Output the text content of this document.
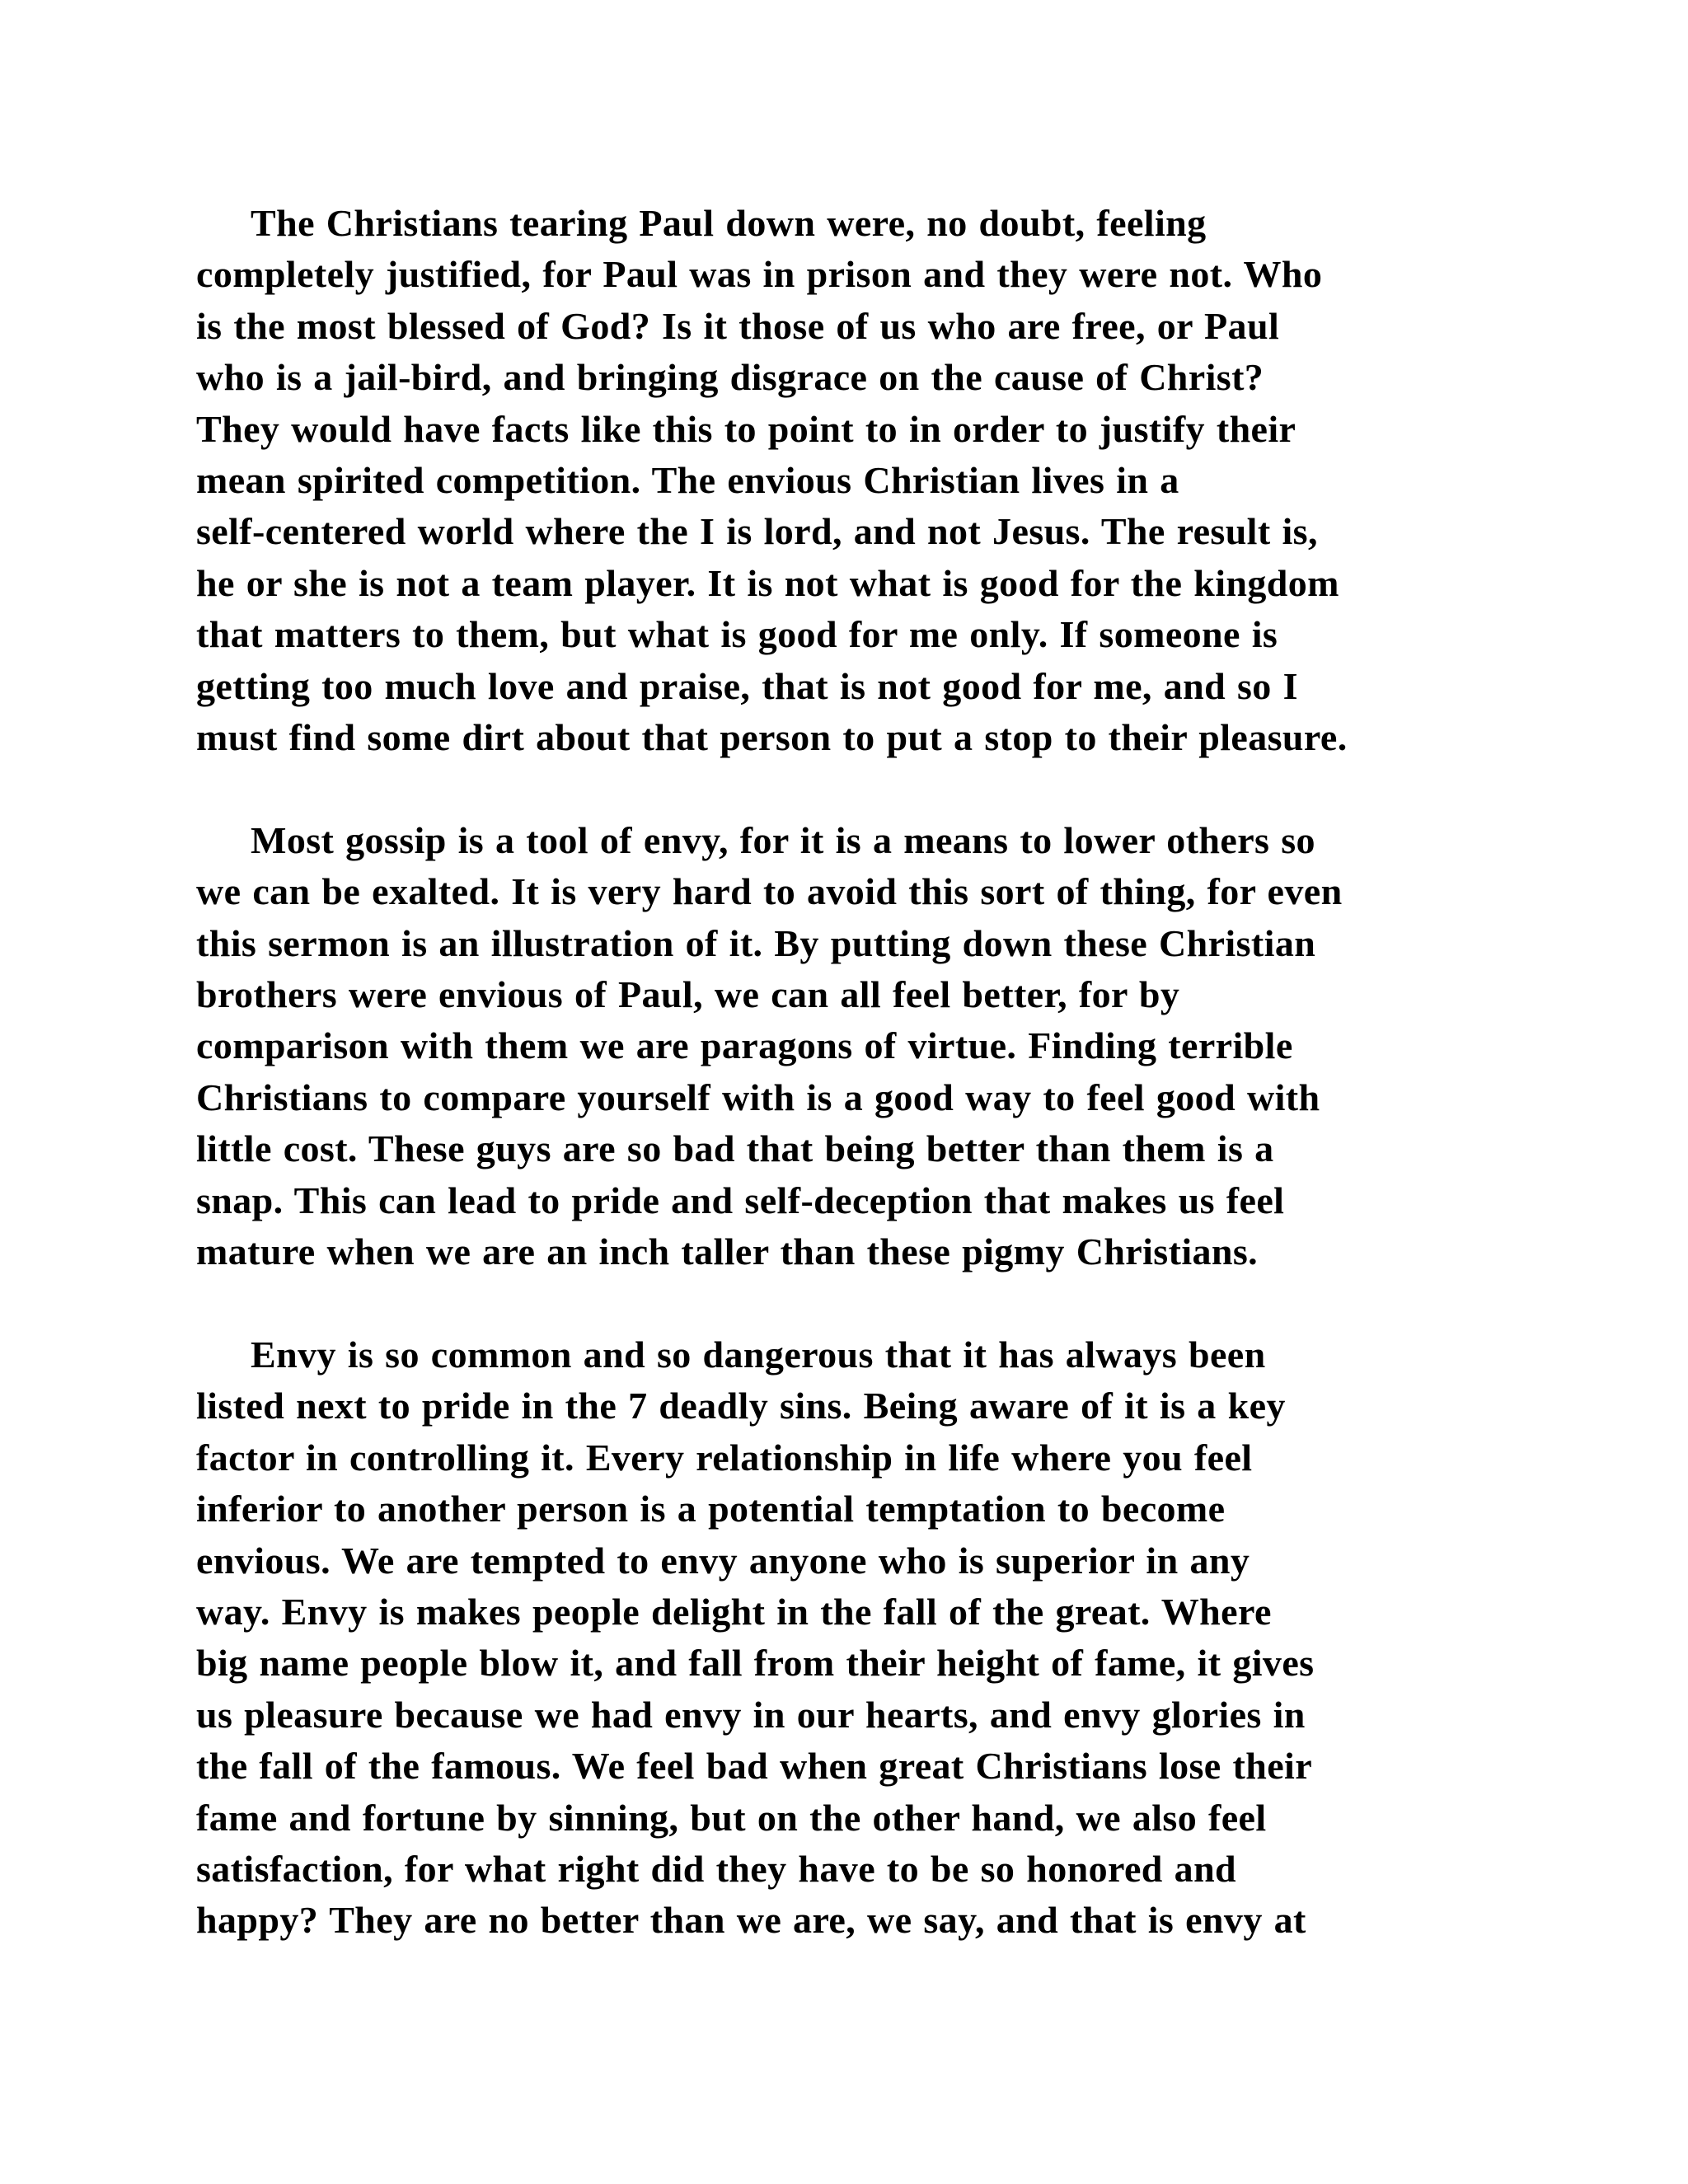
The Christians tearing Paul down were, no doubt, feeling
completely justified, for Paul was in prison and they were not. Who
is the most blessed of God? Is it those of us who are free, or Paul
who is a jail-bird, and bringing disgrace on the cause of Christ?
They would have facts like this to point to in order to justify their
mean spirited competition. The envious Christian lives in a
self-centered world where the I is lord, and not Jesus. The result is,
he or she is not a team player. It is not what is good for the kingdom
that matters to them, but what is good for me only. If someone is
getting too much love and praise, that is not good for me, and so I
must find some dirt about that person to put a stop to their pleasure.

Most gossip is a tool of envy, for it is a means to lower others so
we can be exalted. It is very hard to avoid this sort of thing, for even
this sermon is an illustration of it. By putting down these Christian
brothers were envious of Paul, we can all feel better, for by
comparison with them we are paragons of virtue. Finding terrible
Christians to compare yourself with is a good way to feel good with
little cost. These guys are so bad that being better than them is a
snap. This can lead to pride and self-deception that makes us feel
mature when we are an inch taller than these pigmy Christians.

Envy is so common and so dangerous that it has always been
listed next to pride in the 7 deadly sins. Being aware of it is a key
factor in controlling it. Every relationship in life where you feel
inferior to another person is a potential temptation to become
envious. We are tempted to envy anyone who is superior in any
way. Envy is makes people delight in the fall of the great. Where
big name people blow it, and fall from their height of fame, it gives
us pleasure because we had envy in our hearts, and envy glories in
the fall of the famous. We feel bad when great Christians lose their
fame and fortune by sinning, but on the other hand, we also feel
satisfaction, for what right did they have to be so honored and
happy? They are no better than we are, we say, and that is envy at
